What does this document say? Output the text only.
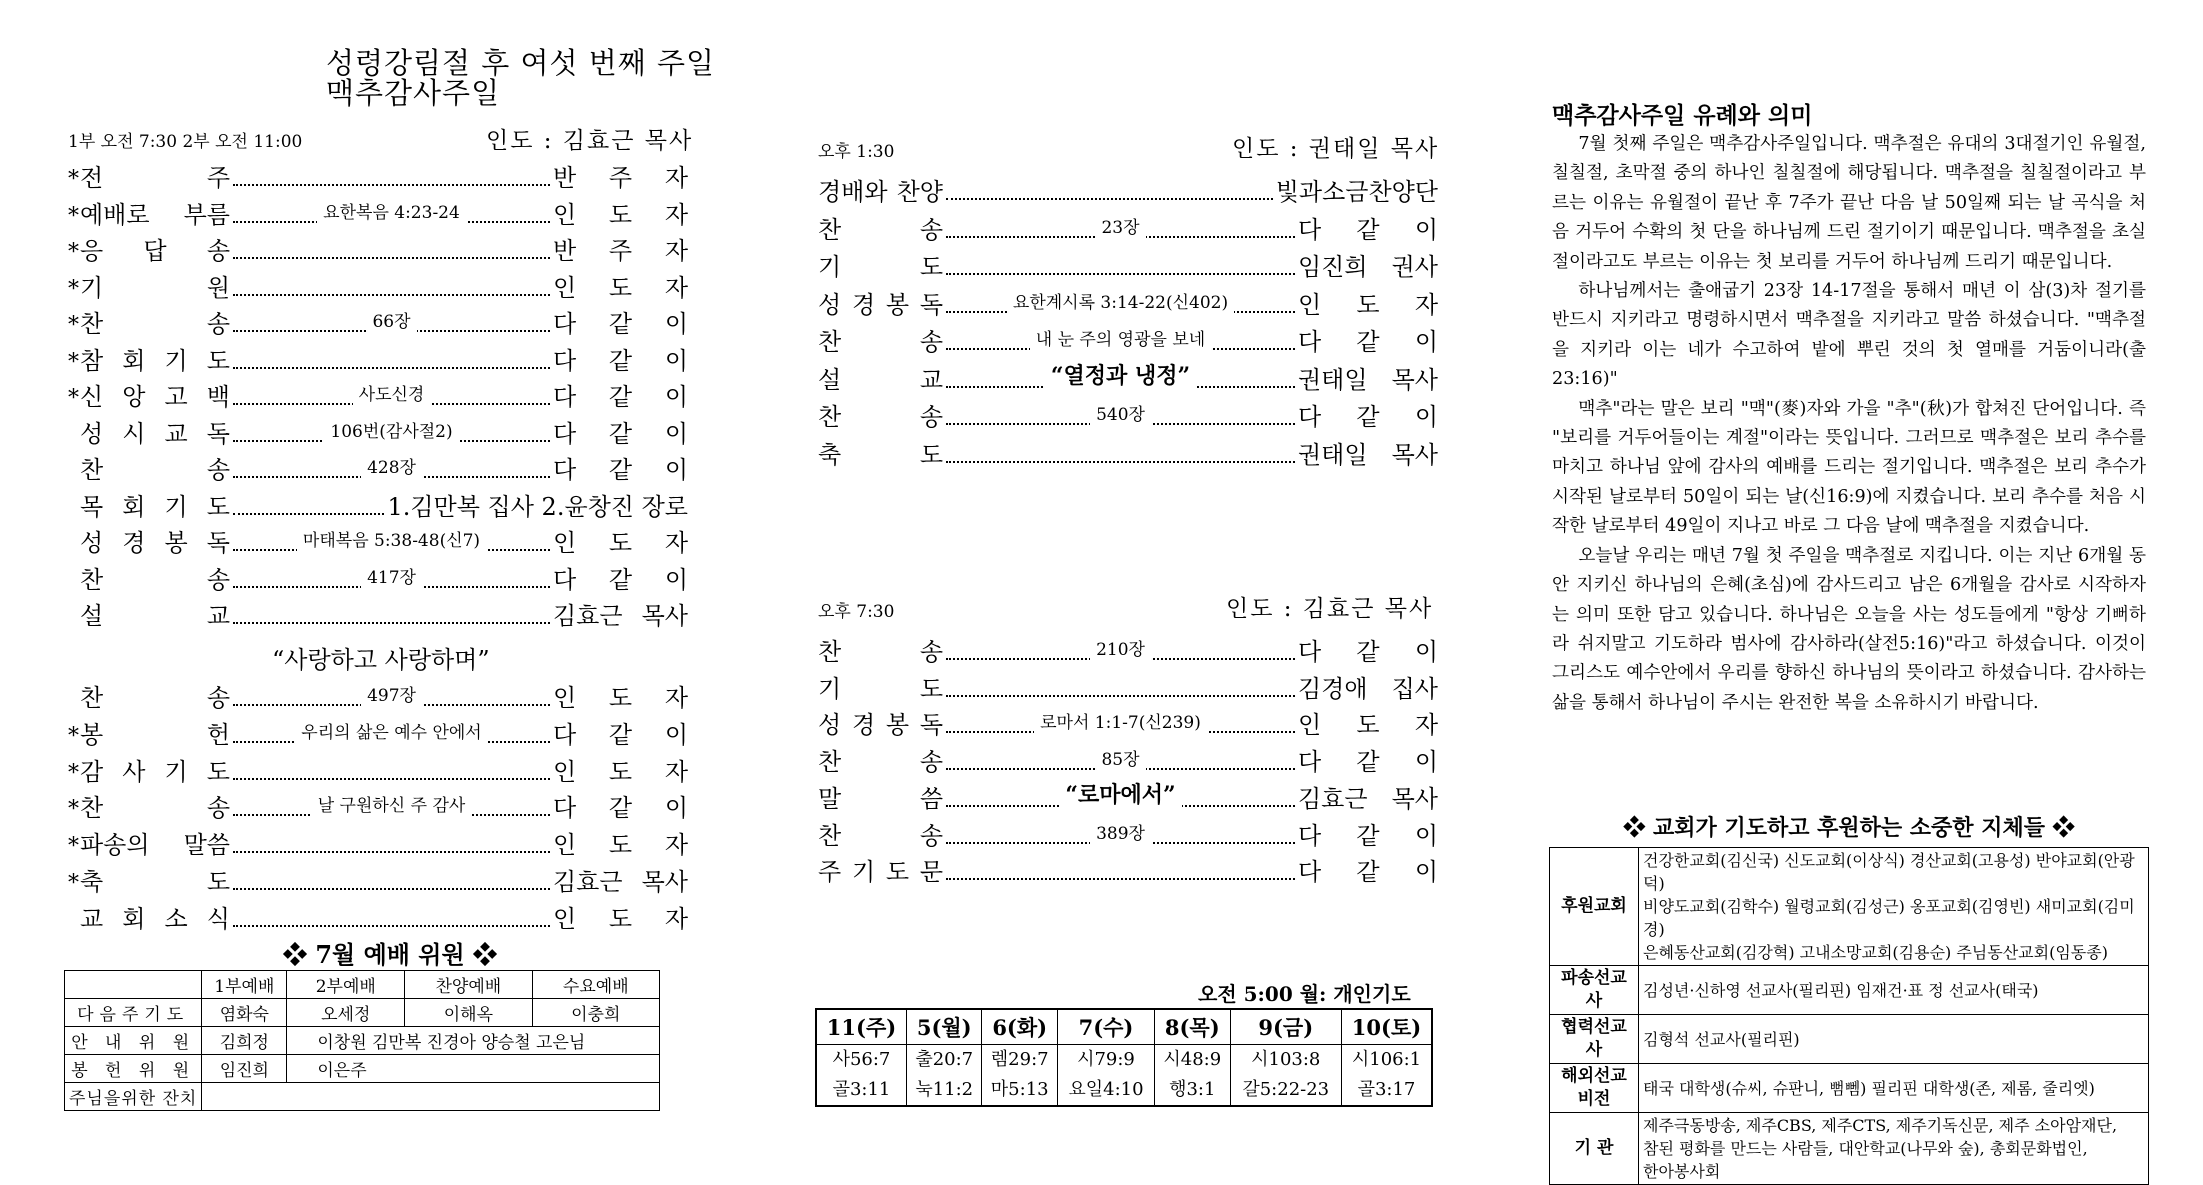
성령강림절 후 여섯 번째 주일
맥추감사주일
1부 오전 7:30 2부 오전 11:00	인도 : 김효근 목사
* 전	주	반 주 자
* 예배로 부름	요한복음 4:23-24	인 도 자
* 응 답 송	반 주 자
* 기	원	인 도 자
* 찬	송	66장	다 같 이
* 참 회 기 도	다 같 이
* 신 앙 고 백	사도신경	다 같 이
성 시 교 독	106번(감사절2)	다 같 이
찬	송	428장	다 같 이
목 회 기 도	1.김만복 집사 2.윤창진 장로
성 경 봉 독	마태복음 5:38-48(신7)	인 도 자
찬	송	417장	다 같 이
설	교	김효근 목사
“사랑하고 사랑하며”
찬	송	497장	인 도 자
* 봉	헌	우리의 삶은 예수 안에서	다 같 이
* 감 사 기 도	인 도 자
* 찬	송	날 구원하신 주 감사	다 같 이
* 파송의 말씀	인 도 자
* 축	도	김효근 목사
교 회 소 식	인 도 자
❖ 7월 예배 위원 ❖
	1부예배	2부예배	찬양예배	수요예배
다음주기도	염화숙	오세정	이해옥	이충희
안 내 위 원	김희정	이창원 김만복 진경아 양승철 고은님		
봉 헌 위 원	임진희	이은주		
주님을위한 잔치				
오후 1:30	인도 : 권태일 목사
경배와 찬양	빛과소금찬양단
찬	송	23장	다 같 이
기	도	임진희 권사
성 경 봉 독	요한계시록 3:14-22(신402)	인 도 자
찬	송	내 눈 주의 영광을 보네	다 같 이
설	교	“열정과 냉정”	권태일 목사
찬	송	540장	다 같 이
축	도	권태일 목사
오후 7:30	인도 : 김효근 목사
찬	송	210장	다 같 이
기	도	김경애 집사
성 경 봉 독	로마서 1:1-7(신239)	인 도 자
찬	송	85장	다 같 이
말	씀	“로마에서”	김효근 목사
찬	송	389장	다 같 이
주 기 도 문	다 같 이
오전 5:00 월: 개인기도
11(주)	5(월)	6(화)	7(수)	8(목)	9(금)	10(토)
사56:7	출20:7	렘29:7	시79:9	시48:9	시103:8	시106:1
골3:11	눅11:2	마5:13	요일4:10	행3:1	갈5:22-23	골3:17
맥추감사주일 유례와 의미

7월 첫째 주일은 맥추감사주일입니다. 맥추절은 유대의 3대절기인 유월절, 칠칠절, 초막절 중의 하나인 칠칠절에 해당됩니다. 맥추절을 칠칠절이라고 부르는 이유는 유월절이 끝난 후 7주가 끝난 다음 날 50일째 되는 날 곡식을 처음 거두어 수확의 첫 단을 하나님께 드린 절기이기 때문입니다. 맥추절을 초실절이라고도 부르는 이유는 첫 보리를 거두어 하나님께 드리기 때문입니다.

하나님께서는 출애굽기 23장 14-17절을 통해서 매년 이 삼(3)차 절기를 반드시 지키라고 명령하시면서 맥추절을 지키라고 말씀 하셨습니다. "맥추절을 지키라 이는 네가 수고하여 밭에 뿌린 것의 첫 열매를 거둠이니라(출23:16)"

맥추"라는 말은 보리 "맥"(麥)자와 가을 "추"(秋)가 합쳐진 단어입니다. 즉 "보리를 거두어들이는 계절"이라는 뜻입니다. 그러므로 맥추절은 보리 추수를 마치고 하나님 앞에 감사의 예배를 드리는 절기입니다. 맥추절은 보리 추수가 시작된 날로부터 50일이 되는 날(신16:9)에 지켰습니다. 보리 추수를 처음 시작한 날로부터 49일이 지나고 바로 그 다음 날에 맥추절을 지켰습니다.

오늘날 우리는 매년 7월 첫 주일을 맥추절로 지킵니다. 이는 지난 6개월 동안 지키신 하나님의 은혜(초심)에 감사드리고 남은 6개월을 감사로 시작하자는 의미 또한 담고 있습니다. 하나님은 오늘을 사는 성도들에게 "항상 기뻐하라 쉬지말고 기도하라 범사에 감사하라(살전5:16)"라고 하셨습니다. 이것이 그리스도 예수안에서 우리를 향하신 하나님의 뜻이라고 하셨습니다. 감사하는 삶을 통해서 하나님이 주시는 완전한 복을 소유하시기 바랍니다.

❖ 교회가 기도하고 후원하는 소중한 지체들 ❖
후원교회	건강한교회(김신국) 신도교회(이상식) 경산교회(고용성) 반야교회(안광덕)
비양도교회(김학수) 월령교회(김성근) 옹포교회(김영빈) 새미교회(김미경)
은혜동산교회(김강혁) 고내소망교회(김용순) 주님동산교회(임동종)

파송선교사	김성년·신하영 선교사(필리핀) 임재건·표 정 선교사(태국)

협력선교사	김형석 선교사(필리핀)

해외선교비전	태국 대학생(슈씨, 슈판니, 뻠뻼) 필리핀 대학생(존, 제롬, 줄리엣)

기 관	제주극동방송, 제주CBS, 제주CTS, 제주기독신문, 제주 소아암재단,
참된 평화를 만드는 사람들, 대안학교(나무와 숲), 총회문화법인,
한아봉사회
